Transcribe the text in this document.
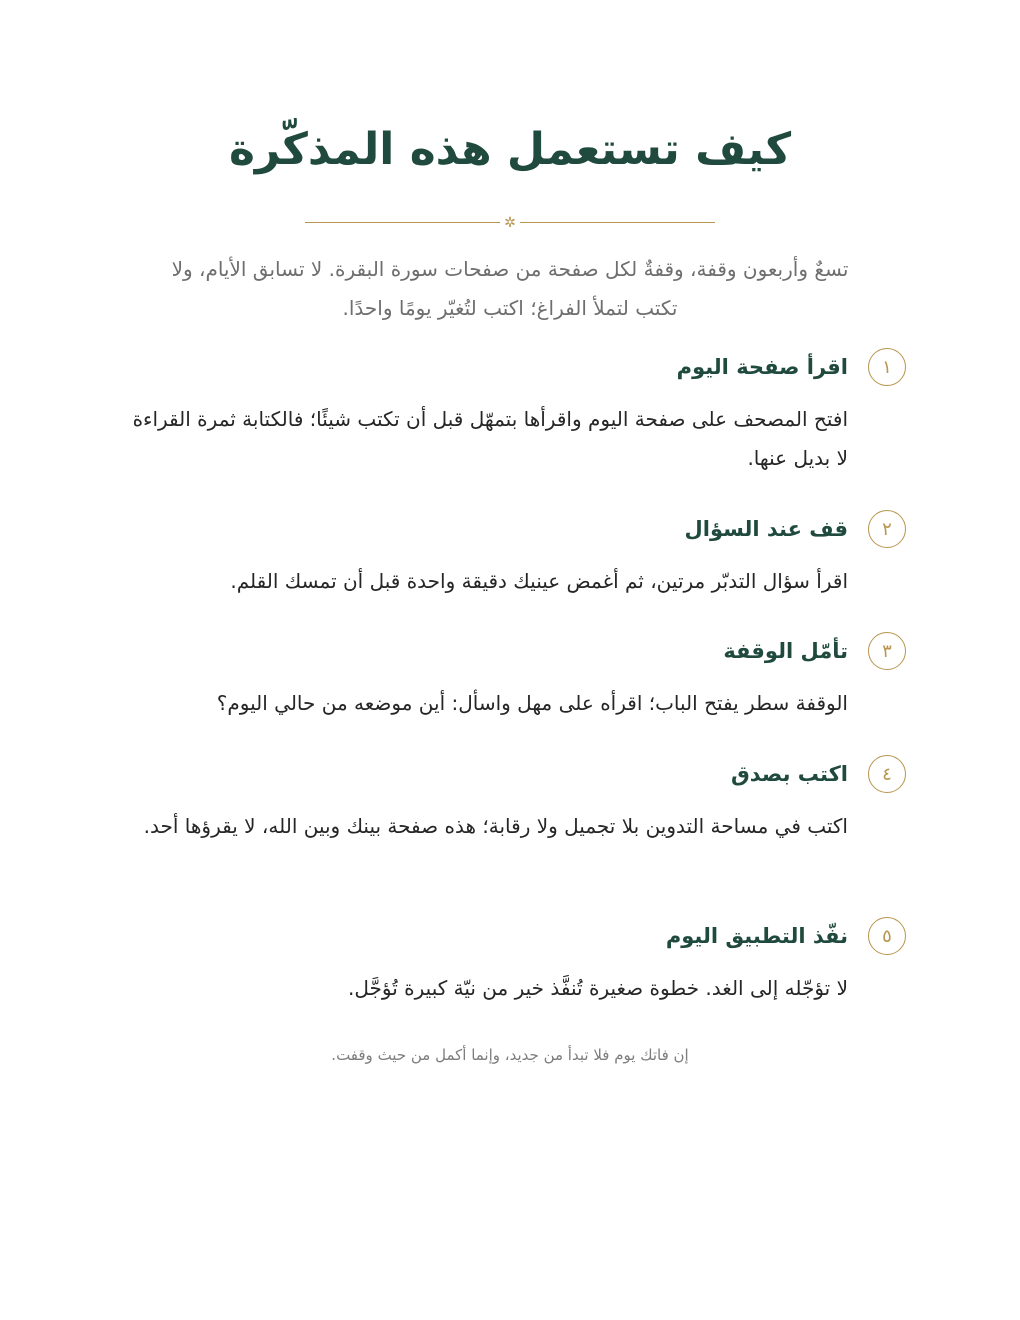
كيف تستعمل هذه المذكّرة
✲
تسعٌ وأربعون وقفة، وقفةٌ لكل صفحة من صفحات سورة البقرة. لا تسابق الأيام، ولا تكتب لتملأ الفراغ؛ اكتب لتُغيّر يومًا واحدًا.
١
اقرأ صفحة اليوم
افتح المصحف على صفحة اليوم واقرأها بتمهّل قبل أن تكتب شيئًا؛ فالكتابة ثمرة القراءة لا بديل عنها.
٢
قف عند السؤال
اقرأ سؤال التدبّر مرتين، ثم أغمض عينيك دقيقة واحدة قبل أن تمسك القلم.
٣
تأمّل الوقفة
الوقفة سطر يفتح الباب؛ اقرأه على مهل واسأل: أين موضعه من حالي اليوم؟
٤
اكتب بصدق
اكتب في مساحة التدوين بلا تجميل ولا رقابة؛ هذه صفحة بينك وبين الله، لا يقرؤها أحد.
٥
نفّذ التطبيق اليوم
لا تؤجّله إلى الغد. خطوة صغيرة تُنفَّذ خير من نيّة كبيرة تُؤجَّل.
إن فاتك يوم فلا تبدأ من جديد، وإنما أكمل من حيث وقفت.
